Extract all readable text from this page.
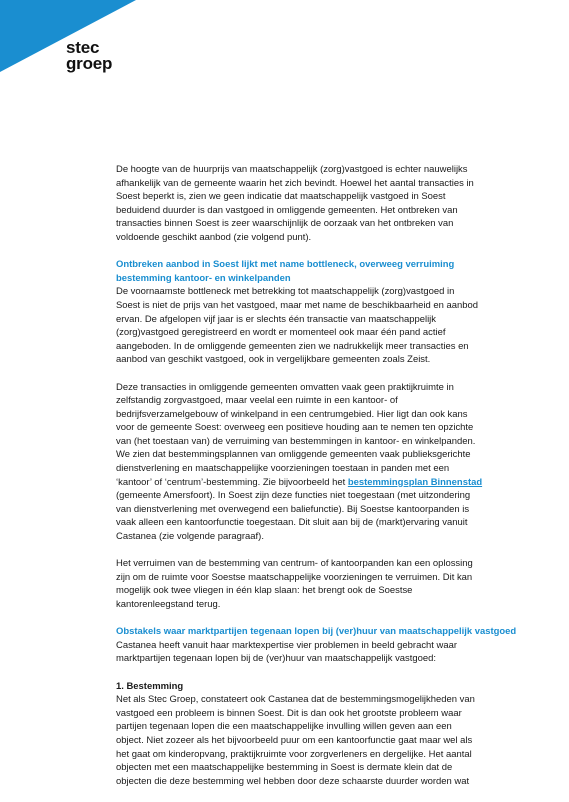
stec
groep

De hoogte van de huurprijs van maatschappelijk (zorg)vastgoed is echter nauwelijks
afhankelijk van de gemeente waarin het zich bevindt. Hoewel het aantal transacties in
Soest beperkt is, zien we geen indicatie dat maatschappelijk vastgoed in Soest
beduidend duurder is dan vastgoed in omliggende gemeenten. Het ontbreken van
transacties binnen Soest is zeer waarschijnlijk de oorzaak van het ontbreken van
voldoende geschikt aanbod (zie volgend punt).

Ontbreken aanbod in Soest lijkt met name bottleneck, overweeg verruiming
bestemming kantoor- en winkelpanden

De voornaamste bottleneck met betrekking tot maatschappelijk (zorg)vastgoed in
Soest is niet de prijs van het vastgoed, maar met name de beschikbaarheid en aanbod
ervan. De afgelopen vijf jaar is er slechts één transactie van maatschappelijk
(zorg)vastgoed geregistreerd en wordt er momenteel ook maar één pand actief
aangeboden. In de omliggende gemeenten zien we nadrukkelijk meer transacties en
aanbod van geschikt vastgoed, ook in vergelijkbare gemeenten zoals Zeist.

Deze transacties in omliggende gemeenten omvatten vaak geen praktijkruimte in
zelfstandig zorgvastgoed, maar veelal een ruimte in een kantoor- of
bedrijfsverzamelgebouw of winkelpand in een centrumgebied. Hier ligt dan ook kans
voor de gemeente Soest: overweeg een positieve houding aan te nemen ten opzichte
van (het toestaan van) de verruiming van bestemmingen in kantoor- en winkelpanden.
We zien dat bestemmingsplannen van omliggende gemeenten vaak publieksgerichte
dienstverlening en maatschappelijke voorzieningen toestaan in panden met een
‘kantoor’ of ‘centrum’-bestemming. Zie bijvoorbeeld het bestemmingsplan Binnenstad
(gemeente Amersfoort). In Soest zijn deze functies niet toegestaan (met uitzondering
van dienstverlening met overwegend een baliefunctie). Bij Soestse kantoorpanden is
vaak alleen een kantoorfunctie toegestaan. Dit sluit aan bij de (markt)ervaring vanuit
Castanea (zie volgende paragraaf).

Het verruimen van de bestemming van centrum- of kantoorpanden kan een oplossing
zijn om de ruimte voor Soestse maatschappelijke voorzieningen te verruimen. Dit kan
mogelijk ook twee vliegen in één klap slaan: het brengt ook de Soestse
kantorenleegstand terug.

Obstakels waar marktpartijen tegenaan lopen bij (ver)huur van maatschappelijk vastgoed

Castanea heeft vanuit haar marktexpertise vier problemen in beeld gebracht waar
marktpartijen tegenaan lopen bij de (ver)huur van maatschappelijk vastgoed:

1. Bestemming

Net als Stec Groep, constateert ook Castanea dat de bestemmingsmogelijkheden van
vastgoed een probleem is binnen Soest. Dit is dan ook het grootste probleem waar
partijen tegenaan lopen die een maatschappelijke invulling willen geven aan een
object. Niet zozeer als het bijvoorbeeld puur om een kantoorfunctie gaat maar wel als
het gaat om kinderopvang, praktijkruimte voor zorgverleners en dergelijke. Het aantal
objecten met een maatschappelijke bestemming in Soest is dermate klein dat de
objecten die deze bestemming wel hebben door deze schaarste duurder worden wat
